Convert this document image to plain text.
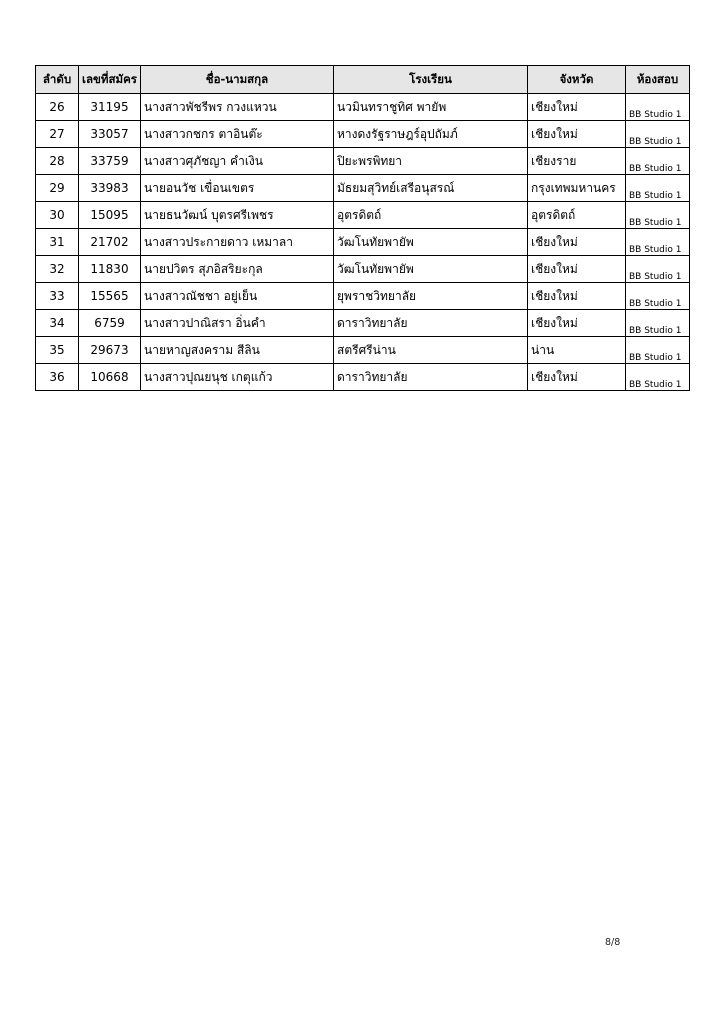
ลำดับ	เลขที่สมัคร	ชื่อ-นามสกุล	โรงเรียน	จังหวัด	ห้องสอบ
26	31195	นางสาวพัชรีพร กวงแหวน	นวมินทราชูทิศ พายัพ	เชียงใหม่	BB Studio 1
27	33057	นางสาวกชกร ตาอินต๊ะ	หางดงรัฐราษฎร์อุปถัมภ์	เชียงใหม่	BB Studio 1
28	33759	นางสาวศุภัชญา คำเงิน	ปิยะพรพิทยา	เชียงราย	BB Studio 1
29	33983	นายอนวัช เขื่อนเขตร	มัธยมสุวิทย์เสรีอนุสรณ์	กรุงเทพมหานคร	BB Studio 1
30	15095	นายธนวัฒน์ บุตรศรีเพชร	อุตรดิตถ์	อุตรดิตถ์	BB Studio 1
31	21702	นางสาวประกายดาว เหมาลา	วัฒโนทัยพายัพ	เชียงใหม่	BB Studio 1
32	11830	นายปวิตร สุภอิสริยะกุล	วัฒโนทัยพายัพ	เชียงใหม่	BB Studio 1
33	15565	นางสาวณัชชา อยู่เย็น	ยุพราชวิทยาลัย	เชียงใหม่	BB Studio 1
34	6759	นางสาวปาณิสรา อิ่นคำ	ดาราวิทยาลัย	เชียงใหม่	BB Studio 1
35	29673	นายหาญสงคราม สีลิน	สตรีศรีน่าน	น่าน	BB Studio 1
36	10668	นางสาวปุณยนุช เกตุแก้ว	ดาราวิทยาลัย	เชียงใหม่	BB Studio 1
8/8
